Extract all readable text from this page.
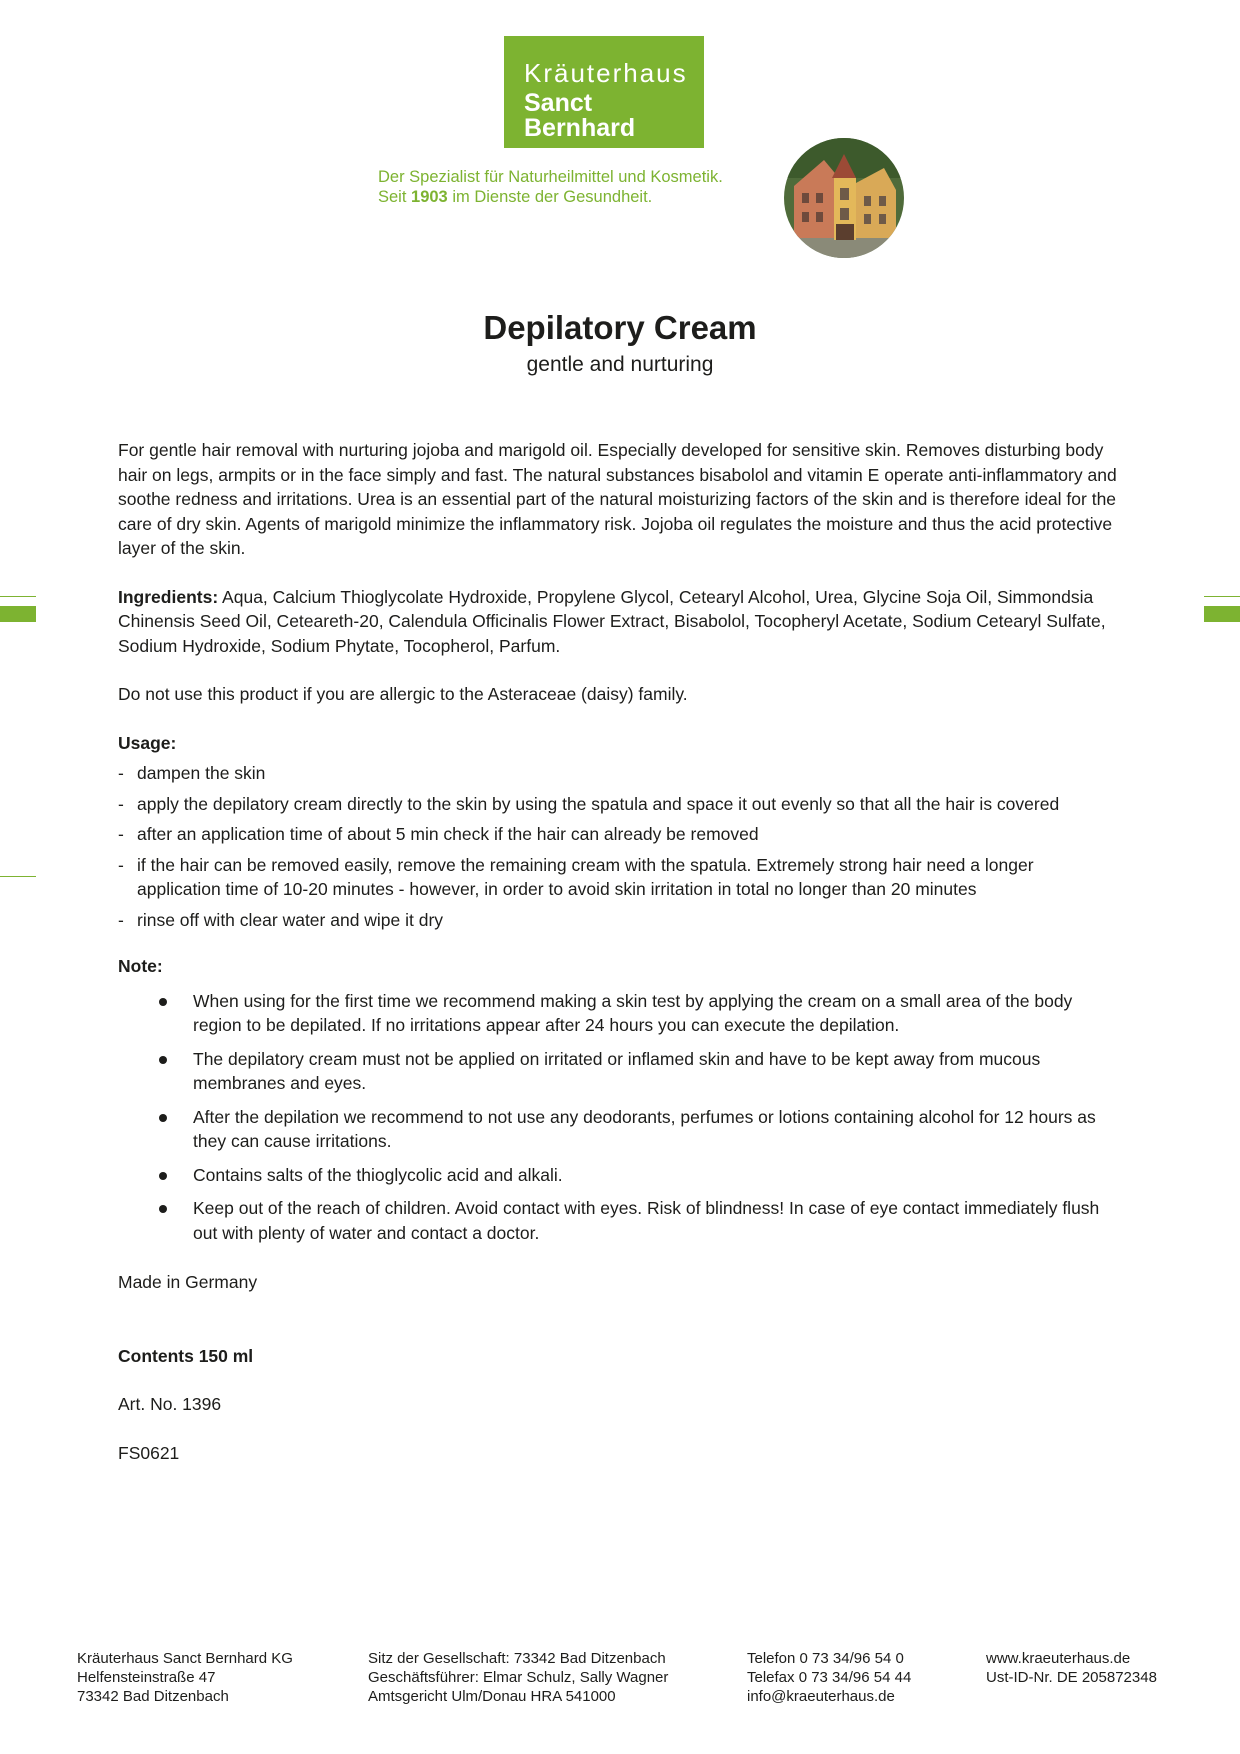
Kräuterhaus
Sanct Bernhard
Der Spezialist für Naturheilmittel und Kosmetik.
Seit 1903 im Dienste der Gesundheit.
Depilatory Cream

gentle and nurturing

For gentle hair removal with nurturing jojoba and marigold oil. Especially developed for sensitive skin. Removes disturbing body hair on legs, armpits or in the face simply and fast. The natural substances bisabolol and vitamin E operate anti-inflammatory and soothe redness and irritations. Urea is an essential part of the natural moisturizing factors of the skin and is therefore ideal for the care of dry skin. Agents of marigold minimize the inflammatory risk. Jojoba oil regulates the moisture and thus the acid protective layer of the skin.

Ingredients: Aqua, Calcium Thioglycolate Hydroxide, Propylene Glycol, Cetearyl Alcohol, Urea, Glycine Soja Oil, Simmondsia Chinensis Seed Oil, Ceteareth-20, Calendula Officinalis Flower Extract, Bisabolol, Tocopheryl Acetate, Sodium Cetearyl Sulfate, Sodium Hydroxide, Sodium Phytate, Tocopherol, Parfum.

Do not use this product if you are allergic to the Asteraceae (daisy) family.

Usage:

- dampen the skin
- apply the depilatory cream directly to the skin by using the spatula and space it out evenly so that all the hair is covered
- after an application time of about 5 min check if the hair can already be removed
- if the hair can be removed easily, remove the remaining cream with the spatula. Extremely strong hair need a longer application time of 10-20 minutes - however, in order to avoid skin irritation in total no longer than 20 minutes
- rinse off with clear water and wipe it dry

Note:

When using for the first time we recommend making a skin test by applying the cream on a small area of the body region to be depilated. If no irritations appear after 24 hours you can execute the depilation.
The depilatory cream must not be applied on irritated or inflamed skin and have to be kept away from mucous membranes and eyes.
After the depilation we recommend to not use any deodorants, perfumes or lotions containing alcohol for 12 hours as they can cause irritations.
Contains salts of the thioglycolic acid and alkali.
Keep out of the reach of children. Avoid contact with eyes. Risk of blindness! In case of eye contact immediately flush out with plenty of water and contact a doctor.

Made in Germany

Contents 150 ml

Art. No. 1396

FS0621

Kräuterhaus Sanct Bernhard KG
Helfensteinstraße 47
73342 Bad Ditzenbach
Sitz der Gesellschaft: 73342 Bad Ditzenbach
Geschäftsführer: Elmar Schulz, Sally Wagner
Amtsgericht Ulm/Donau HRA 541000
Telefon 0 73 34/96 54 0
Telefax 0 73 34/96 54 44
info@kraeuterhaus.de
www.kraeuterhaus.de
Ust-ID-Nr. DE 205872348
